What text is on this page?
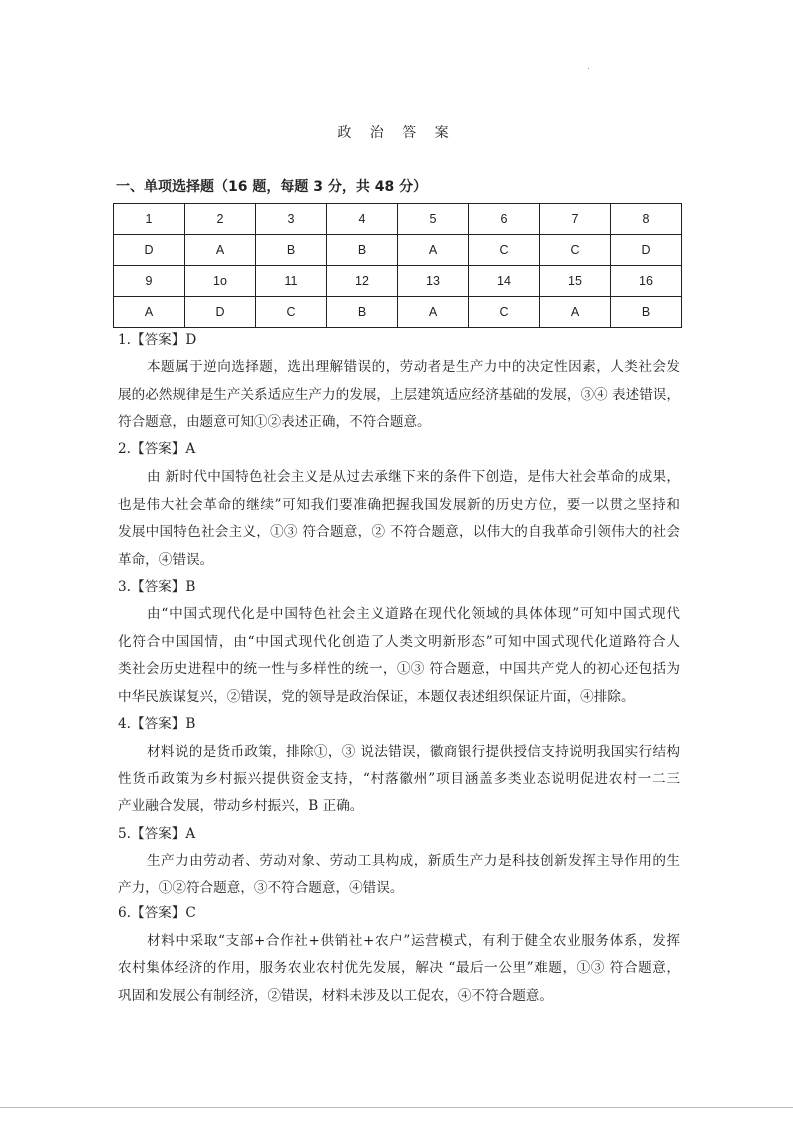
政 治 答 案
一、单项选择题（16 题，每题 3 分，共 48 分）
1	2	3	4	5	6	7	8
D	A	B	B	A	C	C	D
9	1o	11	12	13	14	15	16
A	D	C	B	A	C	A	B
1.【答案】D
本题属于逆向选择题，选出理解错误的，劳动者是生产力中的决定性因素，人类社会发
展的必然规律是生产关系适应生产力的发展，上层建筑适应经济基础的发展，③④ 表述错误，
符合题意，由题意可知①②表述正确，不符合题意。
2.【答案】A
由 新时代中国特色社会主义是从过去承继下来的条件下创造，是伟大社会革命的成果，
也是伟大社会革命的继续”可知我们要准确把握我国发展新的历史方位，要一以贯之坚持和
发展中国特色社会主义，①③ 符合题意，② 不符合题意，以伟大的自我革命引领伟大的社会
革命，④错误。
3.【答案】B
由“中国式现代化是中国特色社会主义道路在现代化领域的具体体现”可知中国式现代
化符合中国国情，由“中国式现代化创造了人类文明新形态”可知中国式现代化道路符合人
类社会历史进程中的统一性与多样性的统一，①③ 符合题意，中国共产党人的初心还包括为
中华民族谋复兴，②错误，党的领导是政治保证，本题仅表述组织保证片面，④排除。
4.【答案】B
材料说的是货币政策，排除①，③ 说法错误，徽商银行提供授信支持说明我国实行结构
性货币政策为乡村振兴提供资金支持，“村落徽州”项目涵盖多类业态说明促进农村一二三
产业融合发展，带动乡村振兴，B 正确。
5.【答案】A
生产力由劳动者、劳动对象、劳动工具构成，新质生产力是科技创新发挥主导作用的生
产力，①②符合题意，③不符合题意，④错误。
6.【答案】C
材料中采取“支部+合作社+供销社+农户”运营模式，有利于健全农业服务体系，发挥
农村集体经济的作用，服务农业农村优先发展，解决 “最后一公里”难题，①③ 符合题意，
巩固和发展公有制经济，②错误，材料未涉及以工促农，④不符合题意。
